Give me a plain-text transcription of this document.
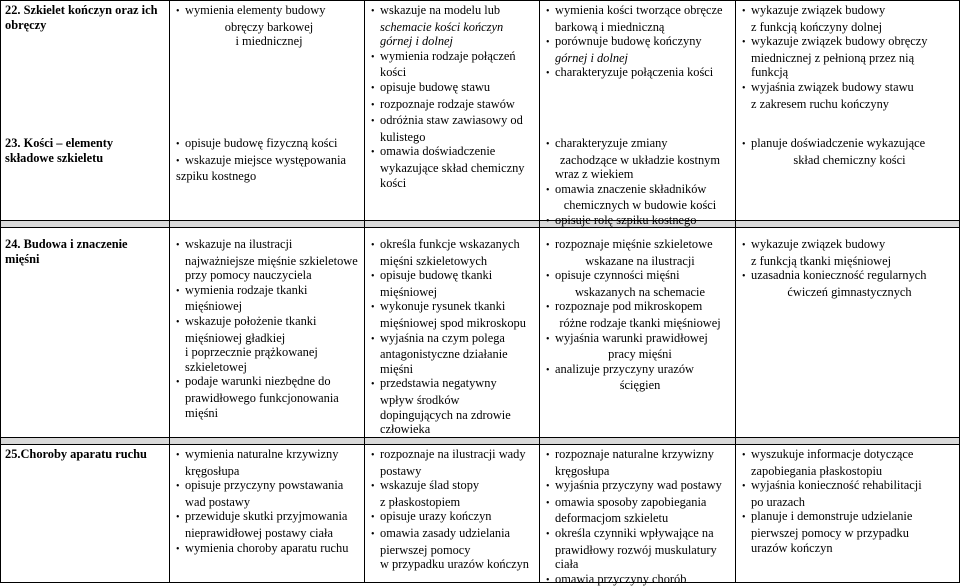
22. Szkielet kończyn oraz ich obręczy
23. Kości – elementy składowe szkieletu
• wymienia elementy budowy
obręczy barkowej
i miednicznej
• opisuje budowę fizyczną kości
• wskazuje miejsce występowania
szpiku kostnego
• wskazuje na modelu lub
schemacie kości kończyn
górnej i dolnej
• wymienia rodzaje połączeń
kości
• opisuje budowę stawu
• rozpoznaje rodzaje stawów
• odróżnia staw zawiasowy od
kulistego
• omawia doświadczenie
wykazujące skład chemiczny
kości
• wymienia kości tworzące obręcze
barkową i miedniczną
• porównuje budowę kończyny
górnej i dolnej
• charakteryzuje połączenia kości
• charakteryzuje zmiany
zachodzące w układzie kostnym
wraz z wiekiem
• omawia znaczenie składników
chemicznych w budowie kości
• opisuje rolę szpiku kostnego
• wykazuje związek budowy
z funkcją kończyny dolnej
• wykazuje związek budowy obręczy
miednicznej z pełnioną przez nią
funkcją
• wyjaśnia związek budowy stawu
z zakresem ruchu kończyny
• planuje doświadczenie wykazujące
skład chemiczny kości
24. Budowa i znaczenie mięśni
• wskazuje na ilustracji
najważniejsze mięśnie szkieletowe
przy pomocy nauczyciela
• wymienia rodzaje tkanki
mięśniowej
• wskazuje położenie tkanki
mięśniowej gładkiej
i poprzecznie prążkowanej
szkieletowej
• podaje warunki niezbędne do
prawidłowego funkcjonowania
mięśni
• określa funkcje wskazanych
mięśni szkieletowych
• opisuje budowę tkanki
mięśniowej
• wykonuje rysunek tkanki
mięśniowej spod mikroskopu
• wyjaśnia na czym polega
antagonistyczne działanie
mięśni
• przedstawia negatywny
wpływ środków
dopingujących na zdrowie
człowieka
• rozpoznaje mięśnie szkieletowe
wskazane na ilustracji
• opisuje czynności mięśni
wskazanych na schemacie
• rozpoznaje pod mikroskopem
różne rodzaje tkanki mięśniowej
• wyjaśnia warunki prawidłowej
pracy mięśni
• analizuje przyczyny urazów
ścięgien
• wykazuje związek budowy
z funkcją tkanki mięśniowej
• uzasadnia konieczność regularnych
ćwiczeń gimnastycznych
25.Choroby aparatu ruchu
•	wymienia naturalne krzywizny
kręgosłupa
• opisuje przyczyny powstawania
wad postawy
• przewiduje skutki przyjmowania
nieprawidłowej postawy ciała
• wymienia choroby aparatu ruchu
• rozpoznaje na ilustracji wady
postawy
• wskazuje ślad stopy
z płaskostopiem
• opisuje urazy kończyn
• omawia zasady udzielania
pierwszej pomocy
w przypadku urazów kończyn
• rozpoznaje naturalne krzywizny
kręgosłupa
• wyjaśnia przyczyny wad postawy
• omawia sposoby zapobiegania
deformacjom szkieletu
• określa czynniki wpływające na
prawidłowy rozwój muskulatury
ciała
• omawia przyczyny chorób
• wyszukuje informacje dotyczące
zapobiegania płaskostopiu
• wyjaśnia konieczność rehabilitacji
po urazach
• planuje i demonstruje udzielanie
pierwszej pomocy w przypadku
urazów kończyn
